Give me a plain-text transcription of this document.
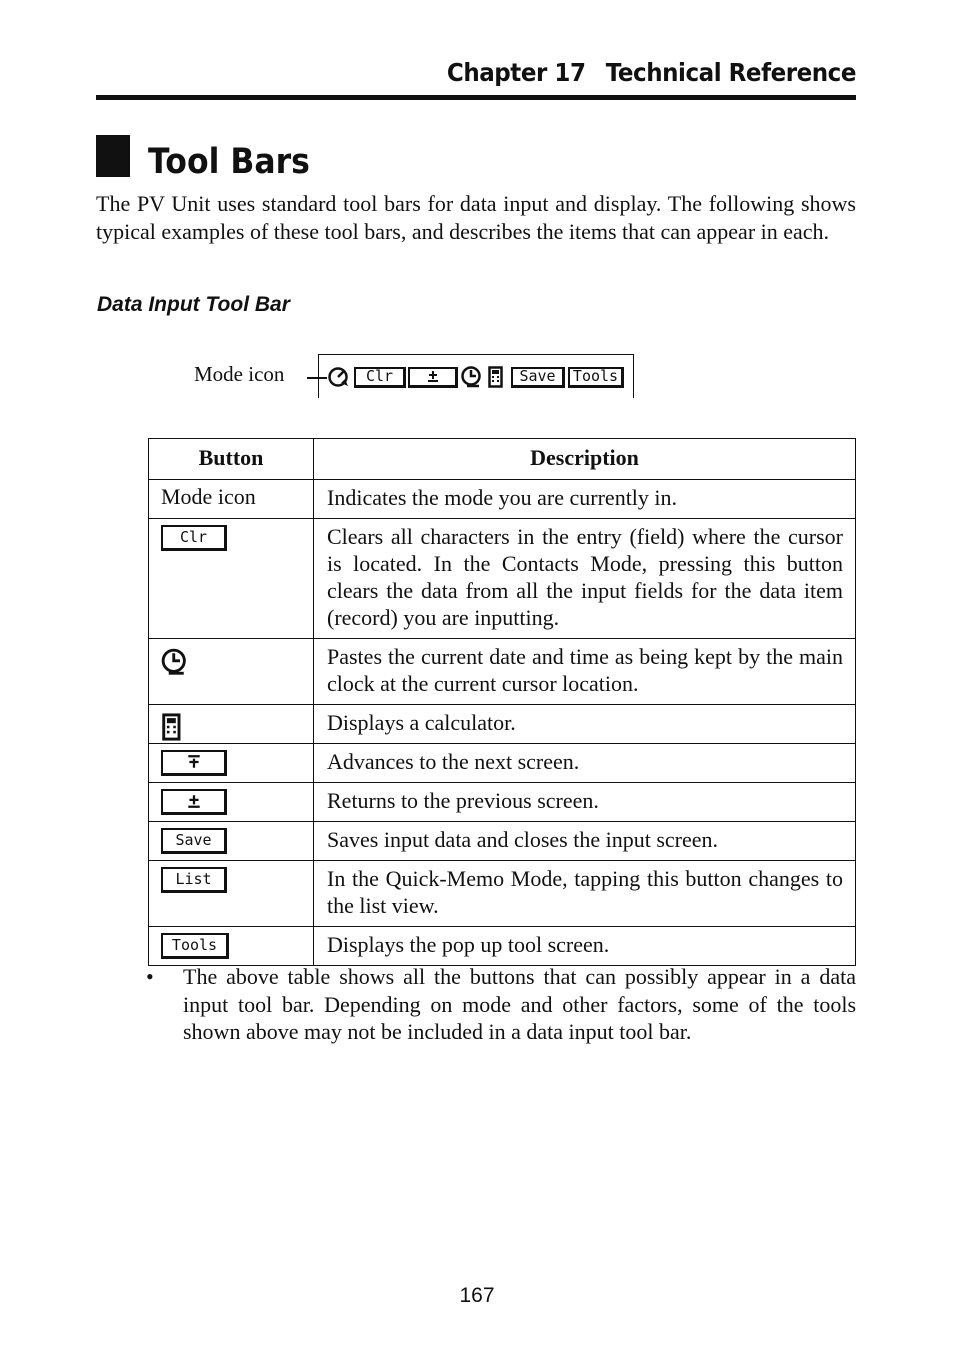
Chapter 17 Technical Reference
Tool Bars

The PV Unit uses standard tool bars for data input and display. The following shows typical examples of these tool bars, and describes the items that can appear in each.

Data Input Tool Bar
Mode icon	Clr	Save	Tools
Button	Description
Mode icon	Indicates the mode you are currently in.

Clr	Clears all characters in the entry (field) where the cursor is located. In the Contacts Mode, pressing this button clears the data from all the input fields for the data item (record) you are inputting.

	Pastes the current date and time as being kept by the main clock at the current cursor location.

	Displays a calculator.

	Advances to the next screen.

	Returns to the previous screen.

Save	Saves input data and closes the input screen.

List	In the Quick-Memo Mode, tapping this button changes to the list view.

Tools	Displays the pop up tool screen.
• The above table shows all the buttons that can possibly appear in a data input tool bar. Depending on mode and other factors, some of the tools shown above may not be included in a data input tool bar.

167
